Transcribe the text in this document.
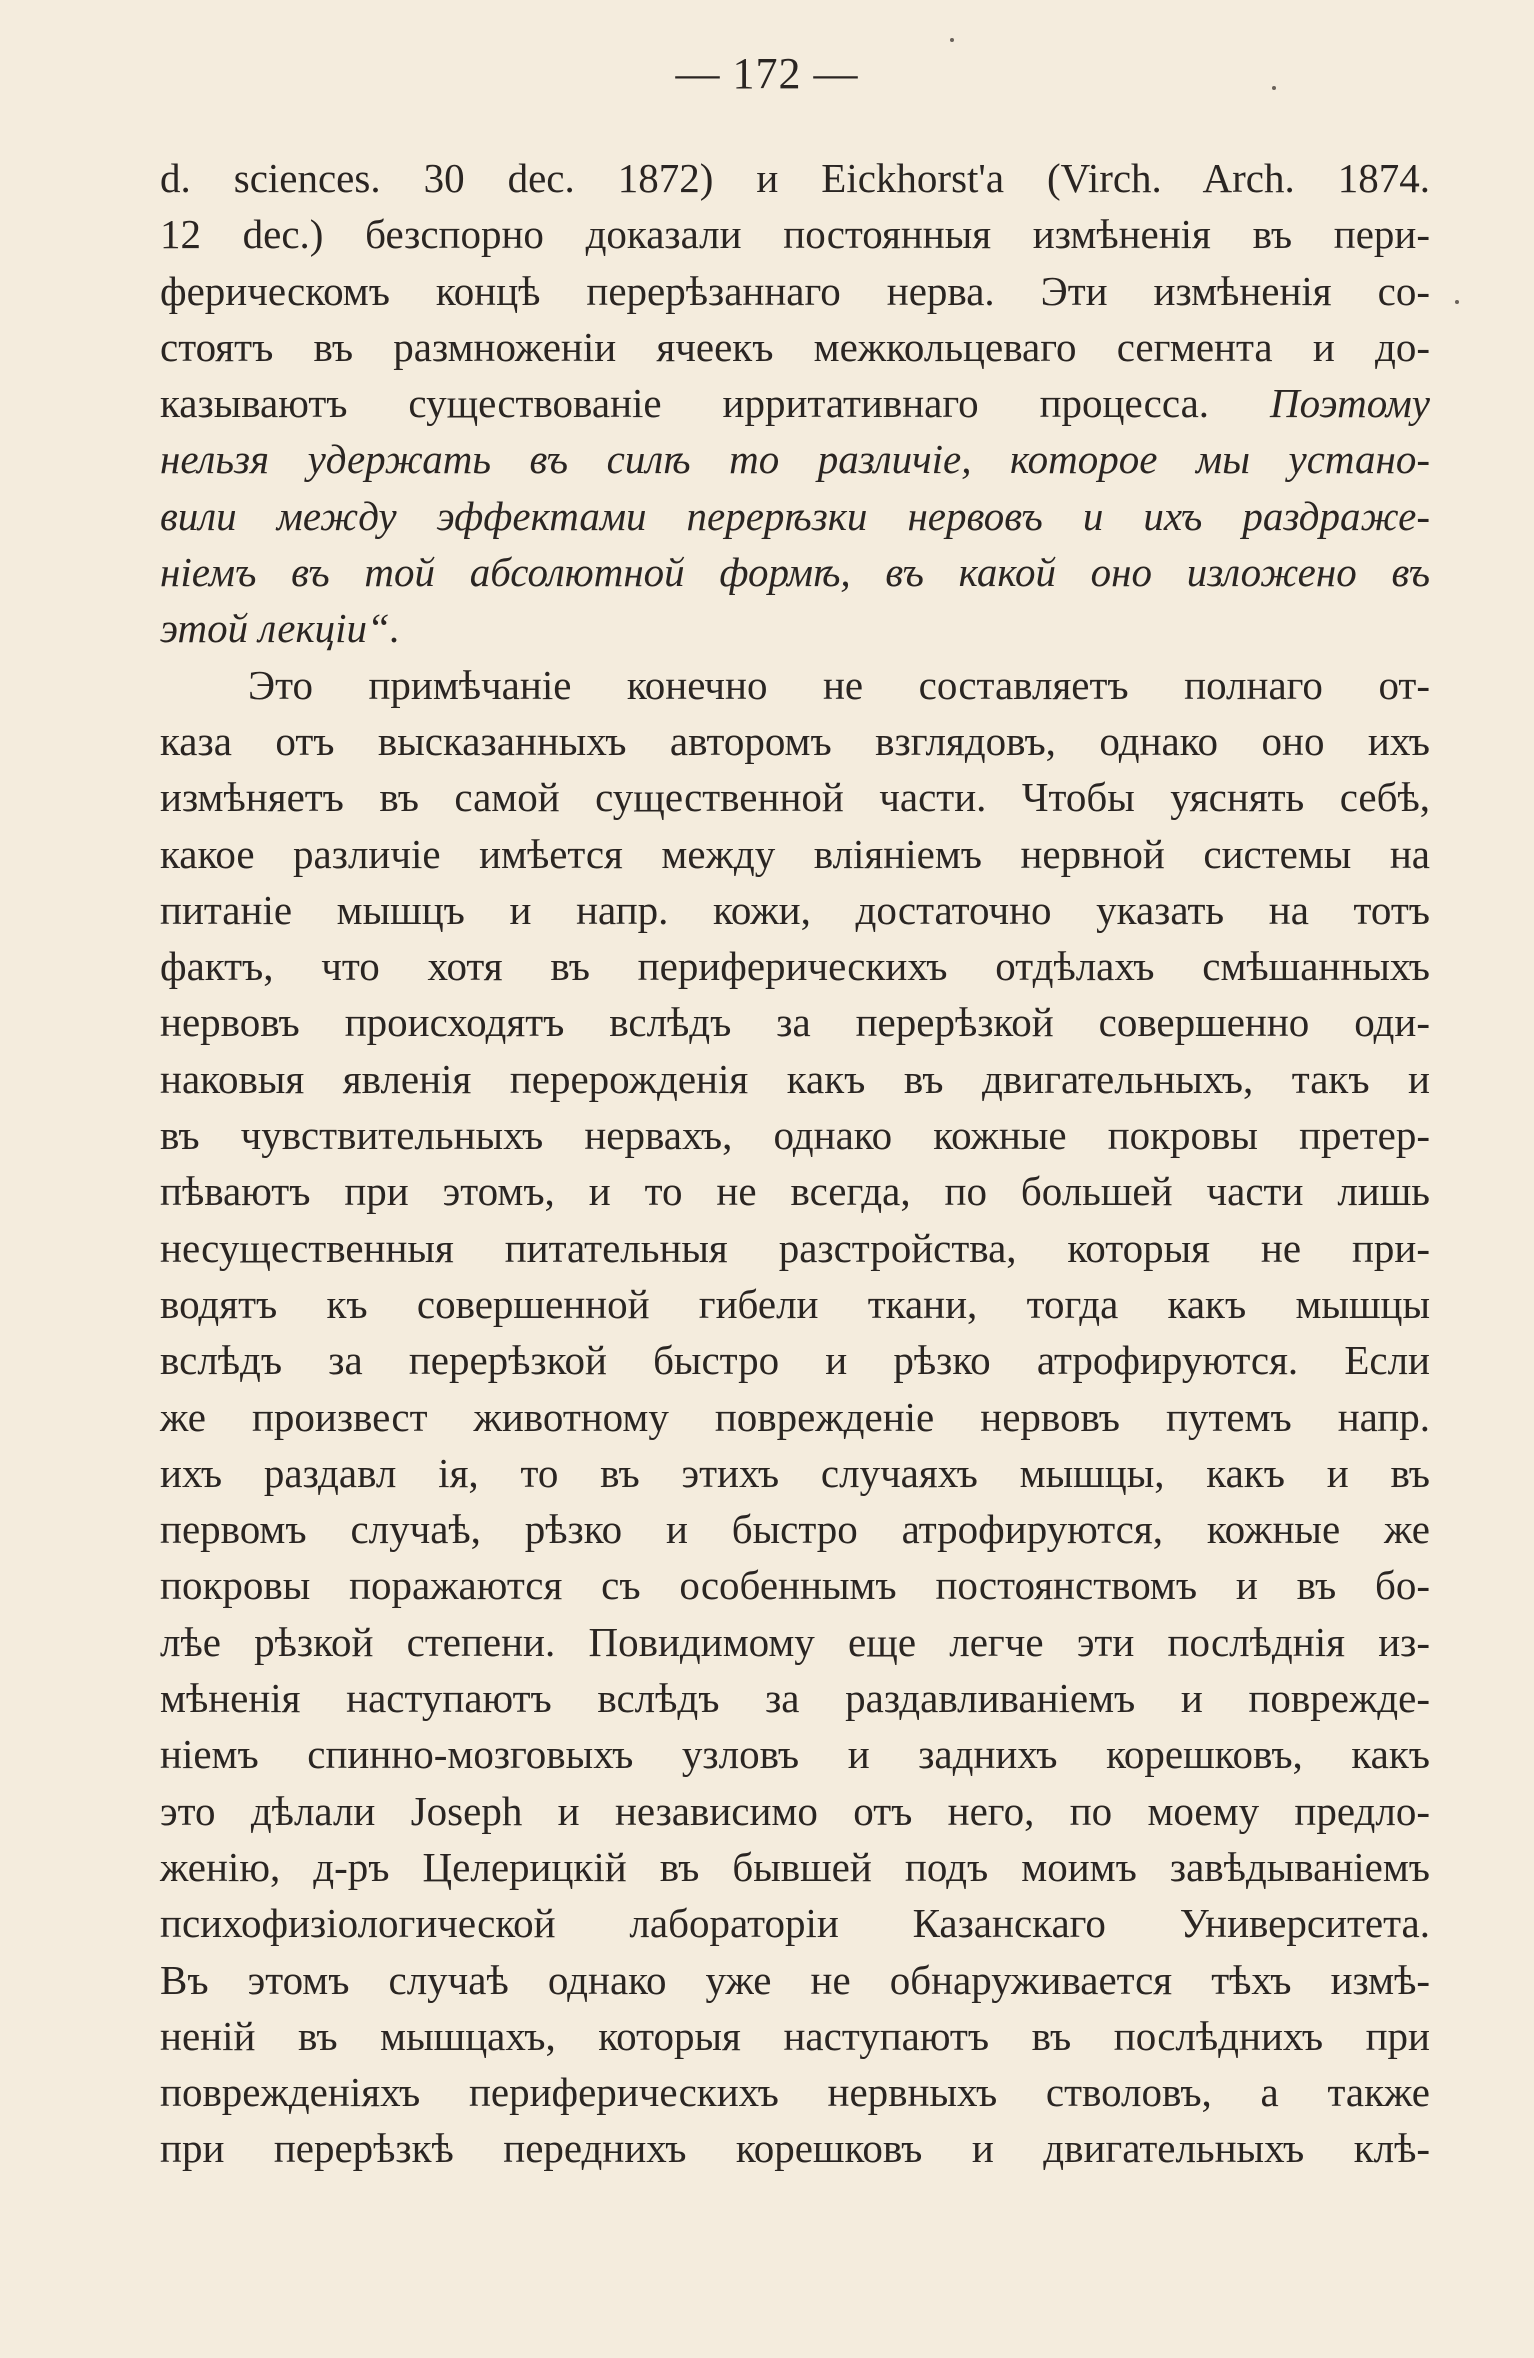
— 172 —
d. sciences. 30 dec. 1872) и Eickhorst'a (Virch. Arch. 1874.
12 dec.) безспорно доказали постоянныя измѣненія въ пери-
ферическомъ концѣ перерѣзаннаго нерва. Эти измѣненія со-
стоятъ въ размноженіи ячеекъ межкольцеваго сегмента и до-
казываютъ существованіе ирритативнаго процесса. Поэтому
нельзя удержать въ силѣ то различіе, которое мы устано-
вили между эффектами перерѣзки нервовъ и ихъ раздраже-
ніемъ въ той абсолютной формѣ, въ какой оно изложено въ
этой лекціи“.
Это примѣчаніе конечно не составляетъ полнаго от-
каза отъ высказанныхъ авторомъ взглядовъ, однако оно ихъ
измѣняетъ въ самой существенной части. Чтобы уяснять себѣ,
какое различіе имѣется между вліяніемъ нервной системы на
питаніе мышцъ и напр. кожи, достаточно указать на тотъ
фактъ, что хотя въ периферическихъ отдѣлахъ смѣшанныхъ
нервовъ происходятъ вслѣдъ за перерѣзкой совершенно оди-
наковыя явленія перерожденія какъ въ двигательныхъ, такъ и
въ чувствительныхъ нервахъ, однако кожные покровы претер-
пѣваютъ при этомъ, и то не всегда, по большей части лишь
несущественныя питательныя разстройства, которыя не при-
водятъ къ совершенной гибели ткани, тогда какъ мышцы
вслѣдъ за перерѣзкой быстро и рѣзко атрофируются. Если
же произвест животному поврежденіе нервовъ путемъ напр.
ихъ раздавл ія, то въ этихъ случаяхъ мышцы, какъ и въ
первомъ случаѣ, рѣзко и быстро атрофируются, кожные же
покровы поражаются съ особеннымъ постоянствомъ и въ бо-
лѣе рѣзкой степени. Повидимому еще легче эти послѣднія из-
мѣненія наступаютъ вслѣдъ за раздавливаніемъ и поврежде-
ніемъ спинно-мозговыхъ узловъ и заднихъ корешковъ, какъ
это дѣлали Joseph и независимо отъ него, по моему предло-
женію, д-ръ Целерицкій въ бывшей подъ моимъ завѣдываніемъ
психофизіологической лабораторіи Казанскаго Университета.
Въ этомъ случаѣ однако уже не обнаруживается тѣхъ измѣ-
неній въ мышцахъ, которыя наступаютъ въ послѣднихъ при
поврежденіяхъ периферическихъ нервныхъ стволовъ, а также
при перерѣзкѣ переднихъ корешковъ и двигательныхъ клѣ-
